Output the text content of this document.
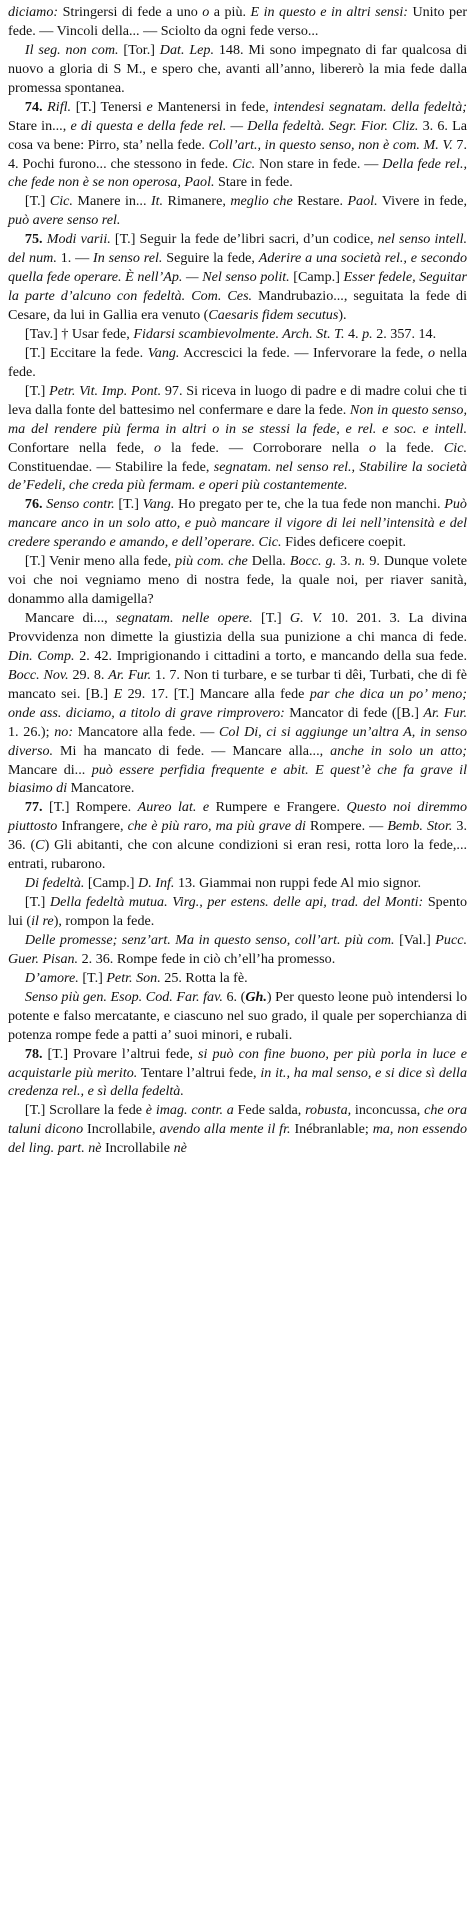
diciamo: Stringersi di fede a uno o a più. E in questo e in altri sensi: Unito per fede. — Vincoli della... — Sciolto da ogni fede verso...

Il seg. non com. [Tor.] Dat. Lep. 148. Mi sono impegnato di far qualcosa di nuovo a gloria di S M., e spero che, avanti all’anno, libererò la mia fede dalla promessa spontanea.

74. Rifl. [T.] Tenersi e Mantenersi in fede, intendesi segnatam. della fedeltà; Stare in..., e di questa e della fede rel. — Della fedeltà. Segr. Fior. Cliz. 3. 6. La cosa va bene: Pirro, sta’ nella fede. Coll’art., in questo senso, non è com. M. V. 7. 4. Pochi furono... che stessono in fede. Cic. Non stare in fede. — Della fede rel., che fede non è se non operosa, Paol. Stare in fede.

[T.] Cic. Manere in... It. Rimanere, meglio che Restare. Paol. Vivere in fede, può avere senso rel.

75. Modi varii. [T.] Seguir la fede de’libri sacri, d’un codice, nel senso intell. del num. 1. — In senso rel. Seguire la fede, Aderire a una società rel., e secondo quella fede operare. È nell’Ap. — Nel senso polit. [Camp.] Esser fedele, Seguitar la parte d’alcuno con fedeltà. Com. Ces. Mandrubazio..., seguitata la fede di Cesare, da lui in Gallia era venuto (Caesaris fidem secutus).

[Tav.] † Usar fede, Fidarsi scambievolmente. Arch. St. T. 4. p. 2. 357. 14.

[T.] Eccitare la fede. Vang. Accrescici la fede. — Infervorare la fede, o nella fede.

[T.] Petr. Vit. Imp. Pont. 97. Si riceva in luogo di padre e di madre colui che ti leva dalla fonte del battesimo nel confermare e dare la fede. Non in questo senso, ma del rendere più ferma in altri o in se stessi la fede, e rel. e soc. e intell. Confortare nella fede, o la fede. — Corroborare nella o la fede. Cic. Constituendae. — Stabilire la fede, segnatam. nel senso rel., Stabilire la società de’Fedeli, che creda più fermam. e operi più costantemente.

76. Senso contr. [T.] Vang. Ho pregato per te, che la tua fede non manchi. Può mancare anco in un solo atto, e può mancare il vigore di lei nell’intensità e del credere sperando e amando, e dell’operare. Cic. Fides deficere coepit.

[T.] Venir meno alla fede, più com. che Della. Bocc. g. 3. n. 9. Dunque volete voi che noi vegniamo meno di nostra fede, la quale noi, per riaver sanità, donammo alla damigella?

Mancare di..., segnatam. nelle opere. [T.] G. V. 10. 201. 3. La divina Provvidenza non dimette la giustizia della sua punizione a chi manca di fede. Din. Comp. 2. 42. Imprigionando i cittadini a torto, e mancando della sua fede. Bocc. Nov. 29. 8. Ar. Fur. 1. 7. Non ti turbare, e se turbar ti dêi, Turbati, che di fè mancato sei. [B.] E 29. 17. [T.] Mancare alla fede par che dica un po’ meno; onde ass. diciamo, a titolo di grave rimprovero: Mancator di fede ([B.] Ar. Fur. 1. 26.); no: Mancatore alla fede. — Col Di, ci si aggiunge un’altra A, in senso diverso. Mi ha mancato di fede. — Mancare alla..., anche in solo un atto; Mancare di... può essere perfidia frequente e abit. E quest’è che fa grave il biasimo di Mancatore.

77. [T.] Rompere. Aureo lat. e Rumpere e Frangere. Questo noi diremmo piuttosto Infrangere, che è più raro, ma più grave di Rompere. — Bemb. Stor. 3. 36. (C) Gli abitanti, che con alcune condizioni si eran resi, rotta loro la fede,... entrati, rubarono.

Di fedeltà. [Camp.] D. Inf. 13. Giammai non ruppi fede Al mio signor.

[T.] Della fedeltà mutua. Virg., per estens. delle api, trad. del Monti: Spento lui (il re), rompon la fede.

Delle promesse; senz’art. Ma in questo senso, coll’art. più com. [Val.] Pucc. Guer. Pisan. 2. 36. Rompe fede in ciò ch’ell’ha promesso.

D’amore. [T.] Petr. Son. 25. Rotta la fè.

Senso più gen. Esop. Cod. Far. fav. 6. (Gh.) Per questo leone può intendersi lo potente e falso mercatante, e ciascuno nel suo grado, il quale per soperchianza di potenza rompe fede a patti a’ suoi minori, e rubali.

78. [T.] Provare l’altrui fede, si può con fine buono, per più porla in luce e acquistarle più merito. Tentare l’altrui fede, in it., ha mal senso, e si dice sì della credenza rel., e sì della fedeltà.

[T.] Scrollare la fede è imag. contr. a Fede salda, robusta, inconcussa, che ora taluni dicono Incrollabile, avendo alla mente il fr. Inébranlable; ma, non essendo del ling. part. nè Incrollabile nè
